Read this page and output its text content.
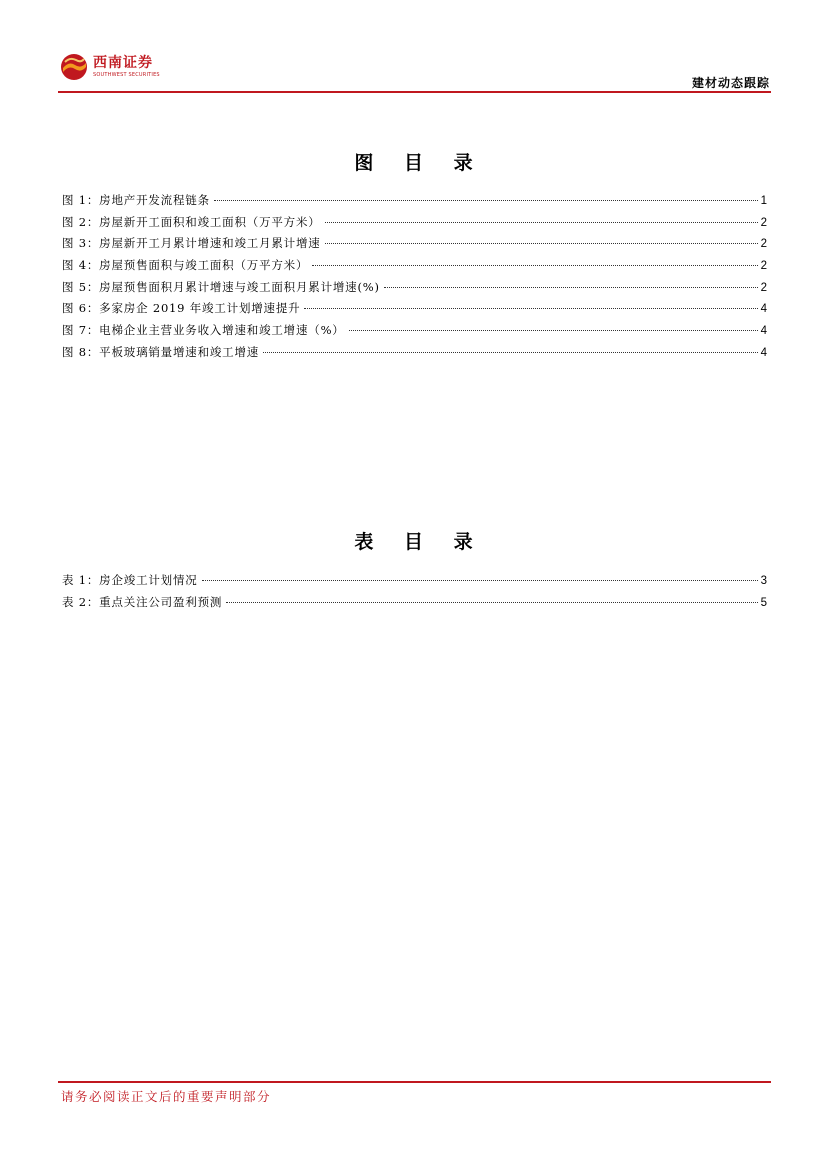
西南证券
SOUTHWEST SECURITIES
建材动态跟踪
图 目 录
图 1：房地产开发流程链条	1
图 2：房屋新开工面积和竣工面积（万平方米）	2
图 3：房屋新开工月累计增速和竣工月累计增速	2
图 4：房屋预售面积与竣工面积（万平方米）	2
图 5：房屋预售面积月累计增速与竣工面积月累计增速(%)	2
图 6：多家房企 2019 年竣工计划增速提升	4
图 7：电梯企业主营业务收入增速和竣工增速（%）	4
图 8：平板玻璃销量增速和竣工增速	4
表 目 录
表 1：房企竣工计划情况	3
表 2：重点关注公司盈利预测	5
请务必阅读正文后的重要声明部分
